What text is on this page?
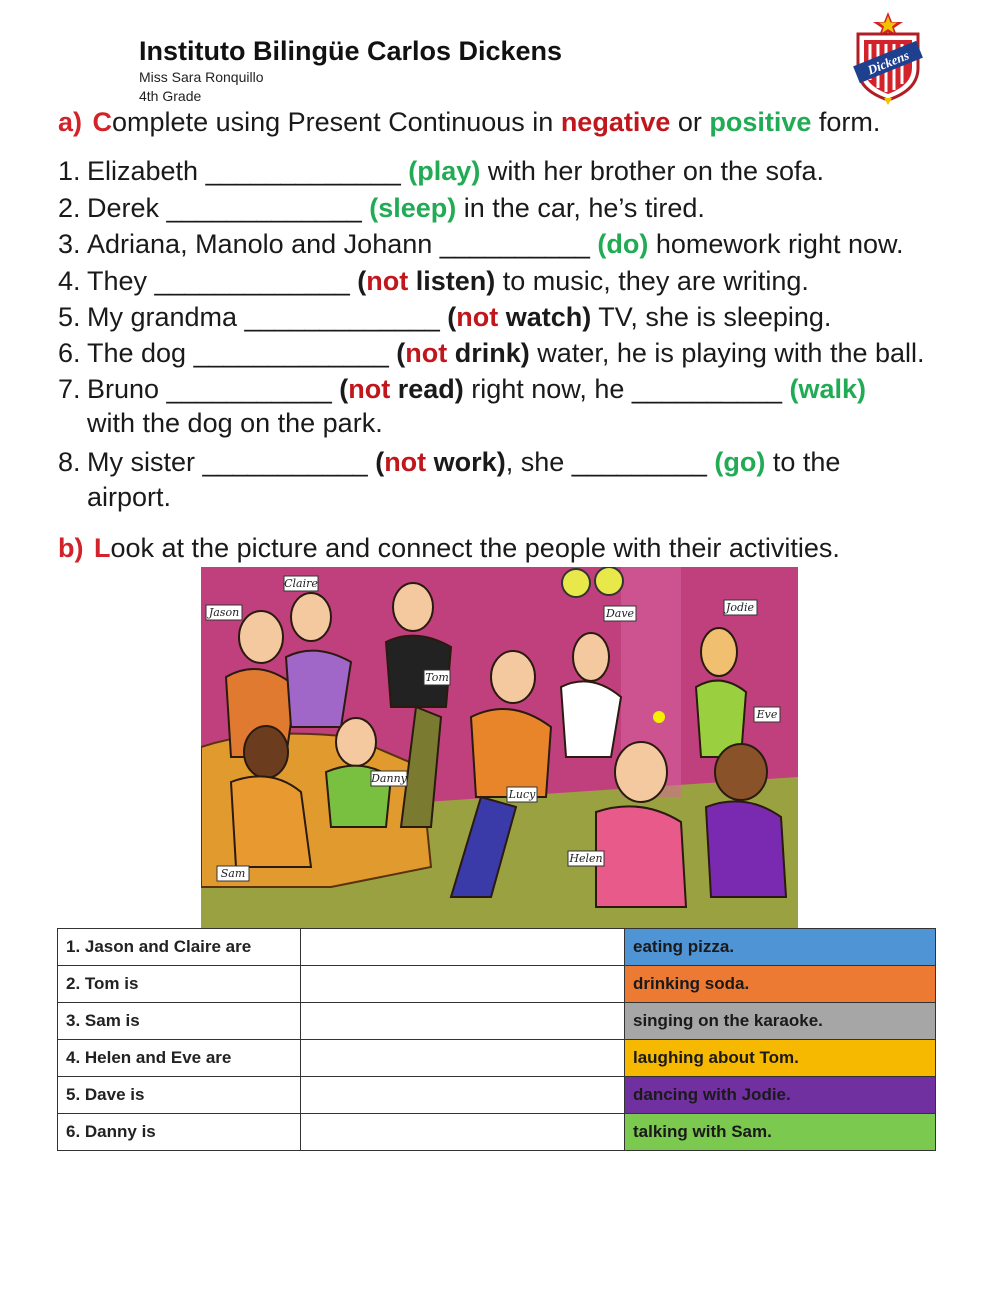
Instituto Bilingüe Carlos Dickens
Miss Sara Ronquillo
4th Grade
Dickens
a) Complete using Present Continuous in negative or positive form.
1. Elizabeth _____________ (play) with her brother on the sofa.
2. Derek _____________ (sleep) in the car, he’s tired.
3. Adriana, Manolo and Johann __________ (do) homework right now.
4. They _____________ (not listen) to music, they are writing.
5. My grandma _____________ (not watch) TV, she is sleeping.
6. The dog _____________ (not drink) water, he is playing with the ball.
7. Bruno ___________ (not read) right now, he __________ (walk)
with the dog on the park.
8. My sister ___________ (not work), she _________ (go) to the
airport.
b) Look at the picture and connect the people with their activities.
Claire
Jason
Tom
Dave	Jodie
Eve
Danny
Lucy
Helen
Sam
1. Jason and Claire are		eating pizza.
2. Tom is		drinking soda.
3. Sam is		singing on the karaoke.
4. Helen and Eve are		laughing about Tom.
5. Dave is		dancing with Jodie.
6. Danny is		talking with Sam.
